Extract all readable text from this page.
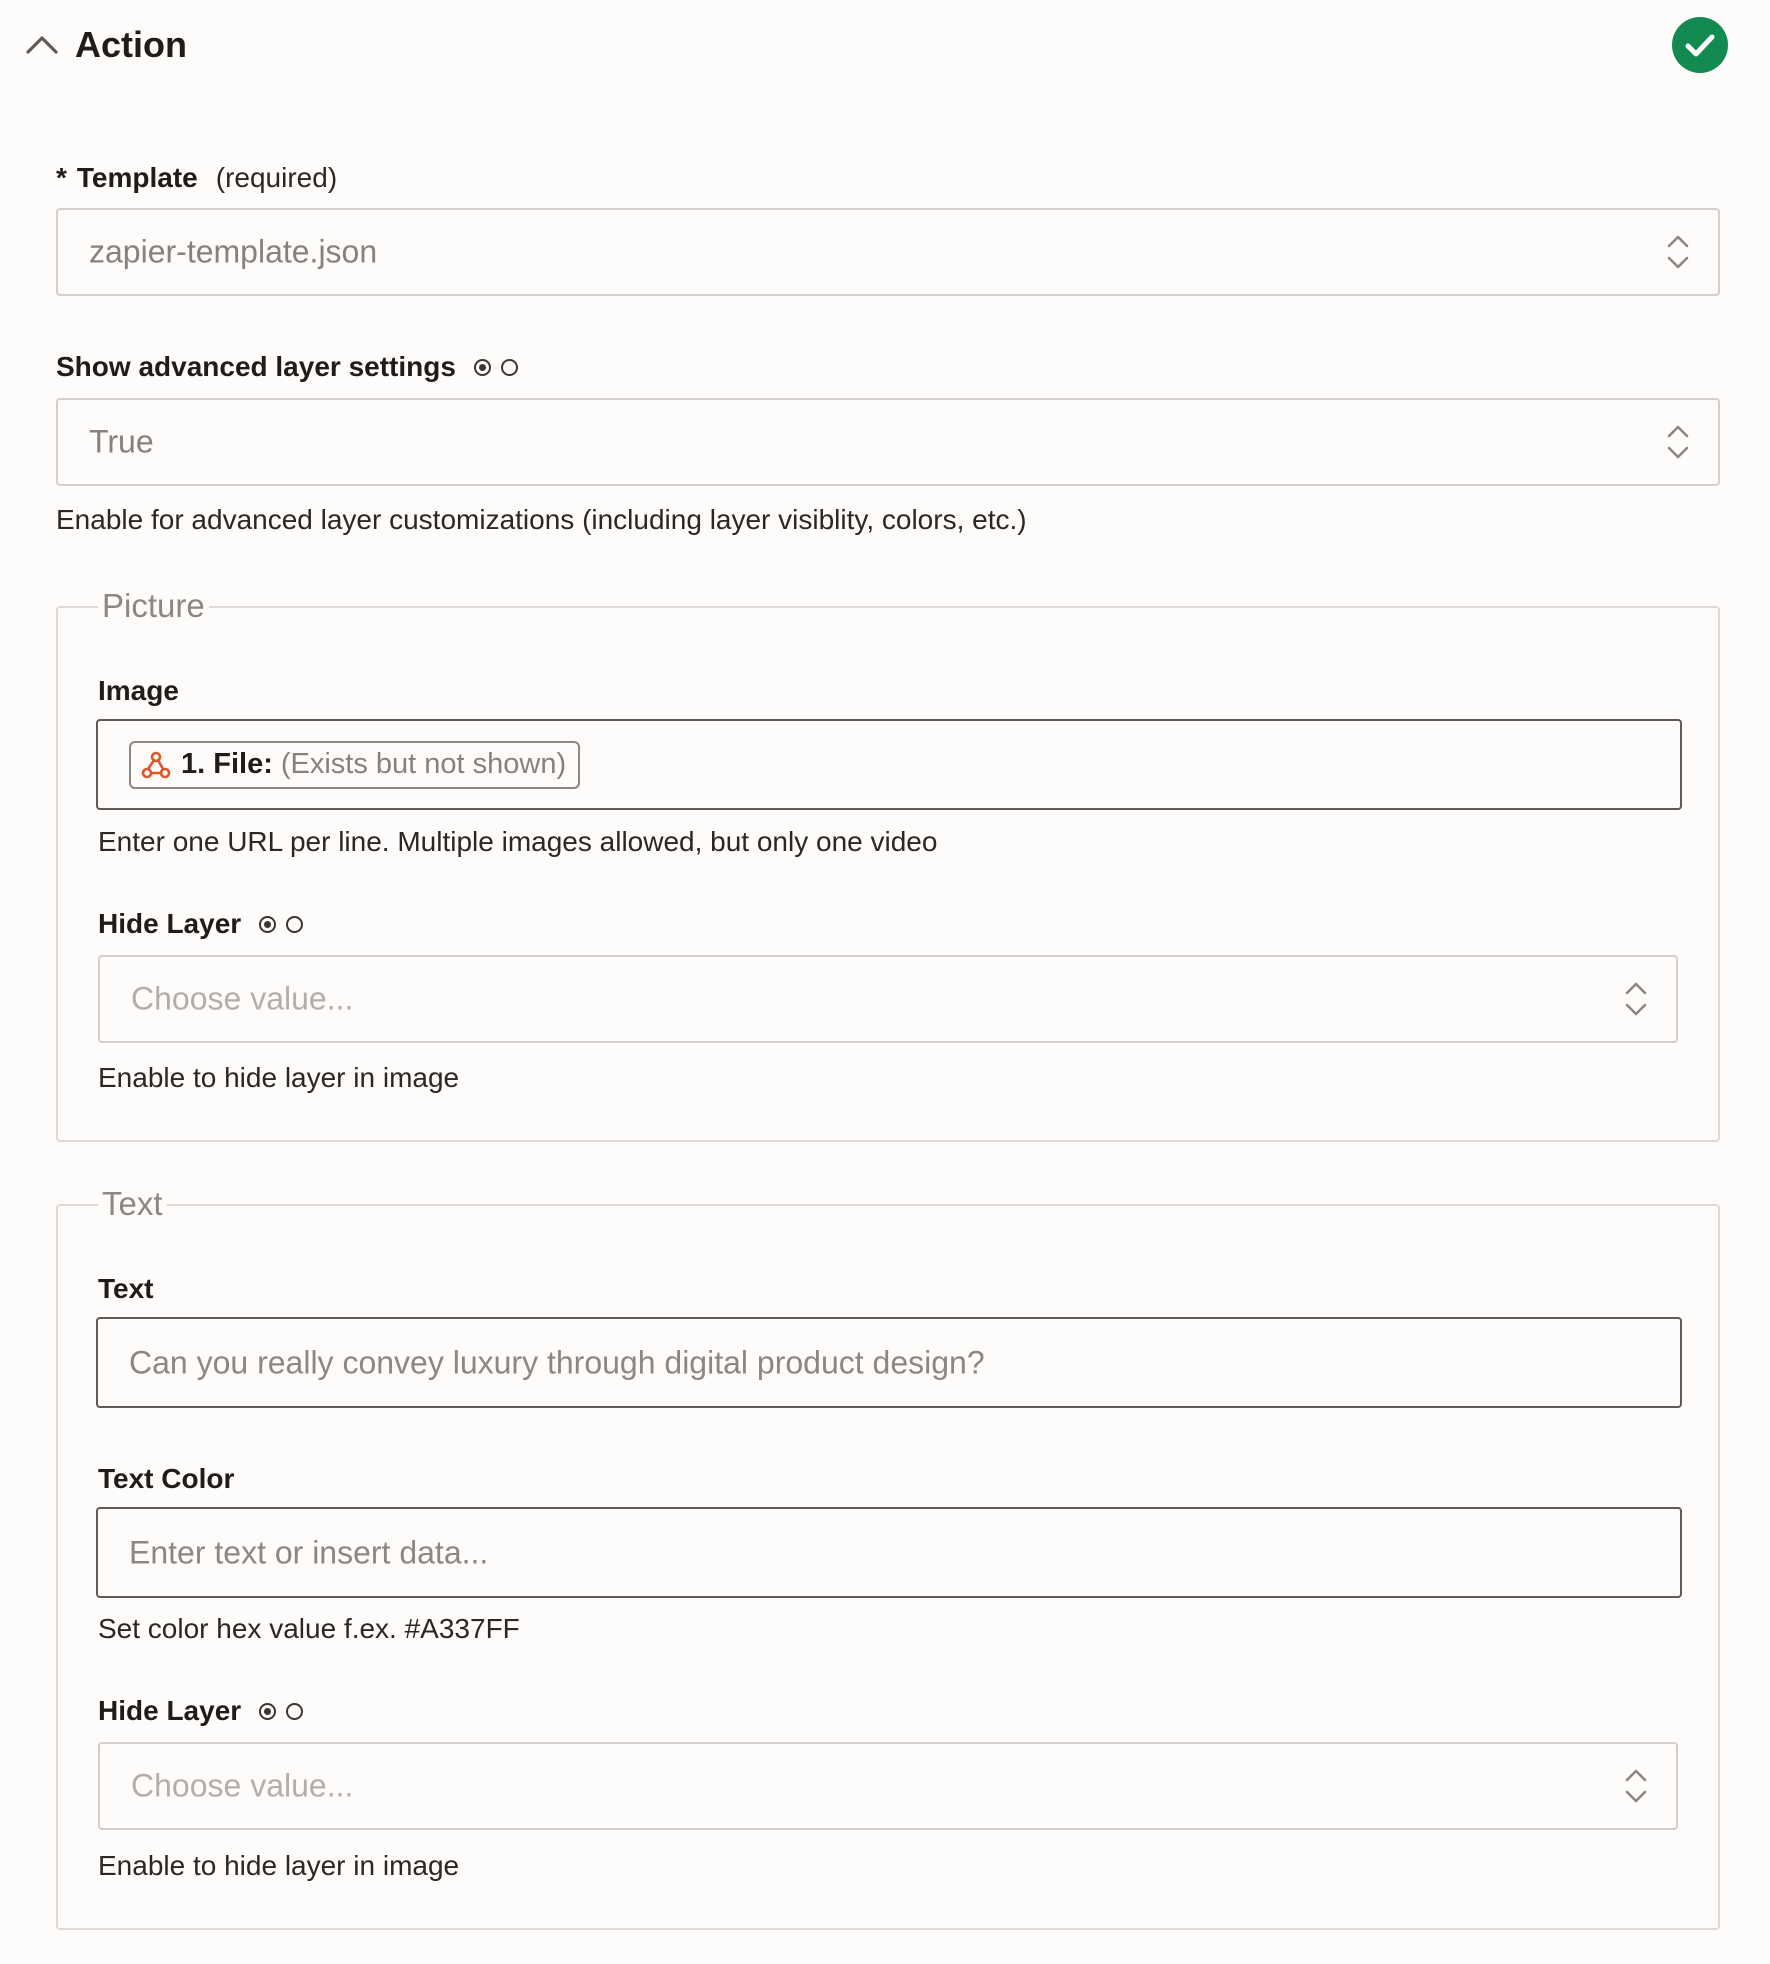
Action
* Template (required)
zapier-template.json
Show advanced layer settings
True
Enable for advanced layer customizations (including layer visiblity, colors, etc.)
Picture
Image
1. File: (Exists but not shown)
Enter one URL per line. Multiple images allowed, but only one video
Hide Layer
Choose value...
Enable to hide layer in image
Text
Text
Can you really convey luxury through digital product design?
Text Color
Enter text or insert data...
Set color hex value f.ex. #A337FF
Hide Layer
Choose value...
Enable to hide layer in image
